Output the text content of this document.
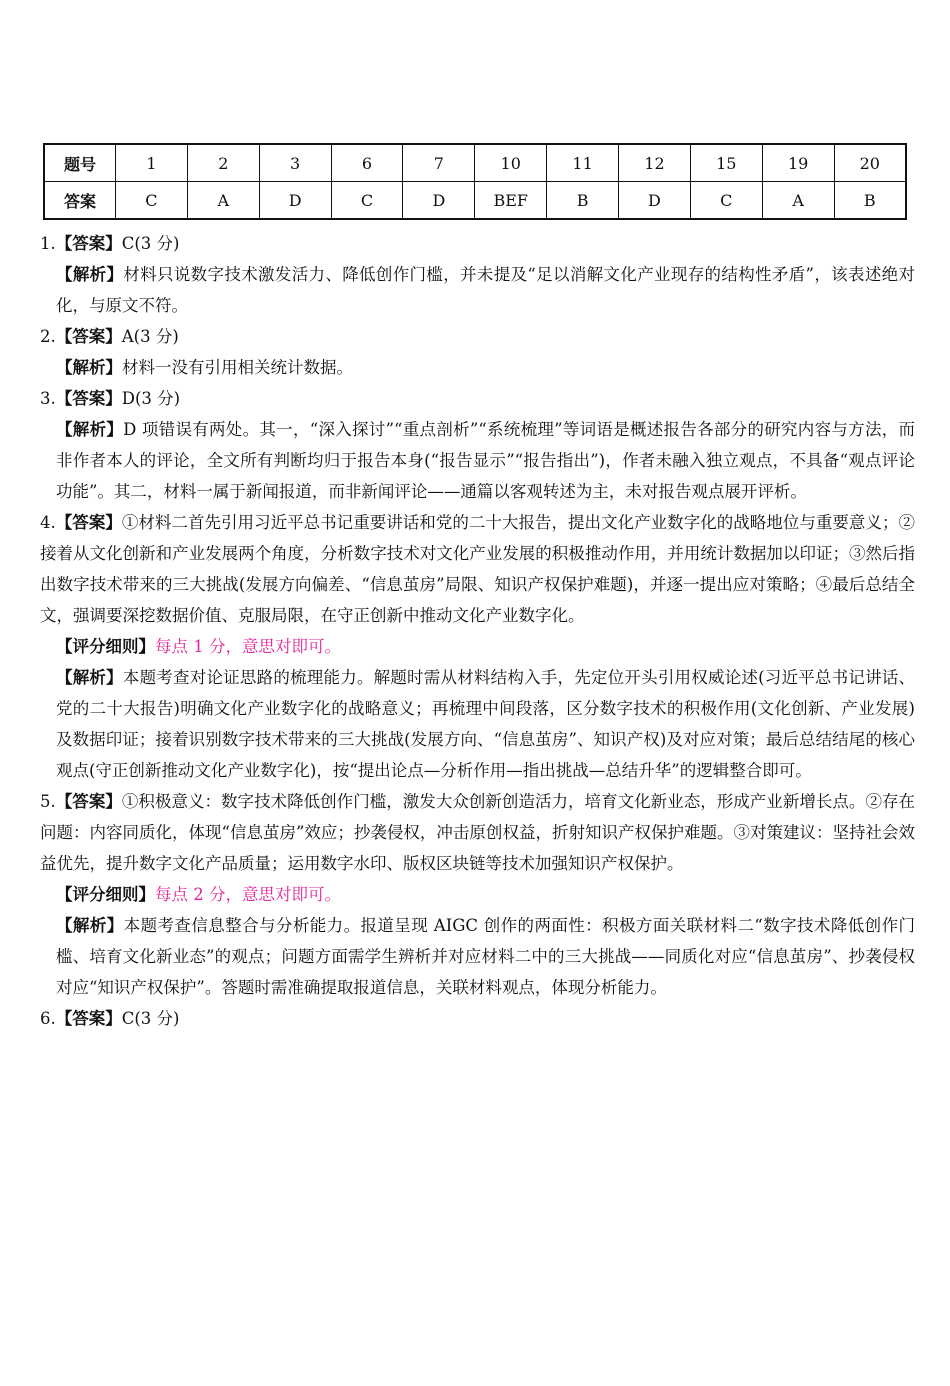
题号	1	2	3	6	7	10	11	12	15	19	20
答案	C	A	D	C	D	BEF	B	D	C	A	B

1.【答案】C(3 分)

【解析】材料只说数字技术激发活力、降低创作门槛，并未提及“足以消解文化产业现存的结构性矛盾”，该表述绝对化，与原文不符。

2.【答案】A(3 分)

【解析】材料一没有引用相关统计数据。

3.【答案】D(3 分)

【解析】D 项错误有两处。其一，“深入探讨”“重点剖析”“系统梳理”等词语是概述报告各部分的研究内容与方法，而非作者本人的评论，全文所有判断均归于报告本身(“报告显示”“报告指出”)，作者未融入独立观点，不具备“观点评论功能”。其二，材料一属于新闻报道，而非新闻评论——通篇以客观转述为主，未对报告观点展开评析。

4.【答案】①材料二首先引用习近平总书记重要讲话和党的二十大报告，提出文化产业数字化的战略地位与重要意义；②接着从文化创新和产业发展两个角度，分析数字技术对文化产业发展的积极推动作用，并用统计数据加以印证；③然后指出数字技术带来的三大挑战(发展方向偏差、“信息茧房”局限、知识产权保护难题)，并逐一提出应对策略；④最后总结全文，强调要深挖数据价值、克服局限，在守正创新中推动文化产业数字化。

【评分细则】每点 1 分，意思对即可。

【解析】本题考查对论证思路的梳理能力。解题时需从材料结构入手，先定位开头引用权威论述(习近平总书记讲话、党的二十大报告)明确文化产业数字化的战略意义；再梳理中间段落，区分数字技术的积极作用(文化创新、产业发展)及数据印证；接着识别数字技术带来的三大挑战(发展方向、“信息茧房”、知识产权)及对应对策；最后总结结尾的核心观点(守正创新推动文化产业数字化)，按“提出论点—分析作用—指出挑战—总结升华”的逻辑整合即可。

5.【答案】①积极意义：数字技术降低创作门槛，激发大众创新创造活力，培育文化新业态，形成产业新增长点。②存在问题：内容同质化，体现“信息茧房”效应；抄袭侵权，冲击原创权益，折射知识产权保护难题。③对策建议：坚持社会效益优先，提升数字文化产品质量；运用数字水印、版权区块链等技术加强知识产权保护。

【评分细则】每点 2 分，意思对即可。

【解析】本题考查信息整合与分析能力。报道呈现 AIGC 创作的两面性：积极方面关联材料二“数字技术降低创作门槛、培育文化新业态”的观点；问题方面需学生辨析并对应材料二中的三大挑战——同质化对应“信息茧房”、抄袭侵权对应“知识产权保护”。答题时需准确提取报道信息，关联材料观点，体现分析能力。

6.【答案】C(3 分)
